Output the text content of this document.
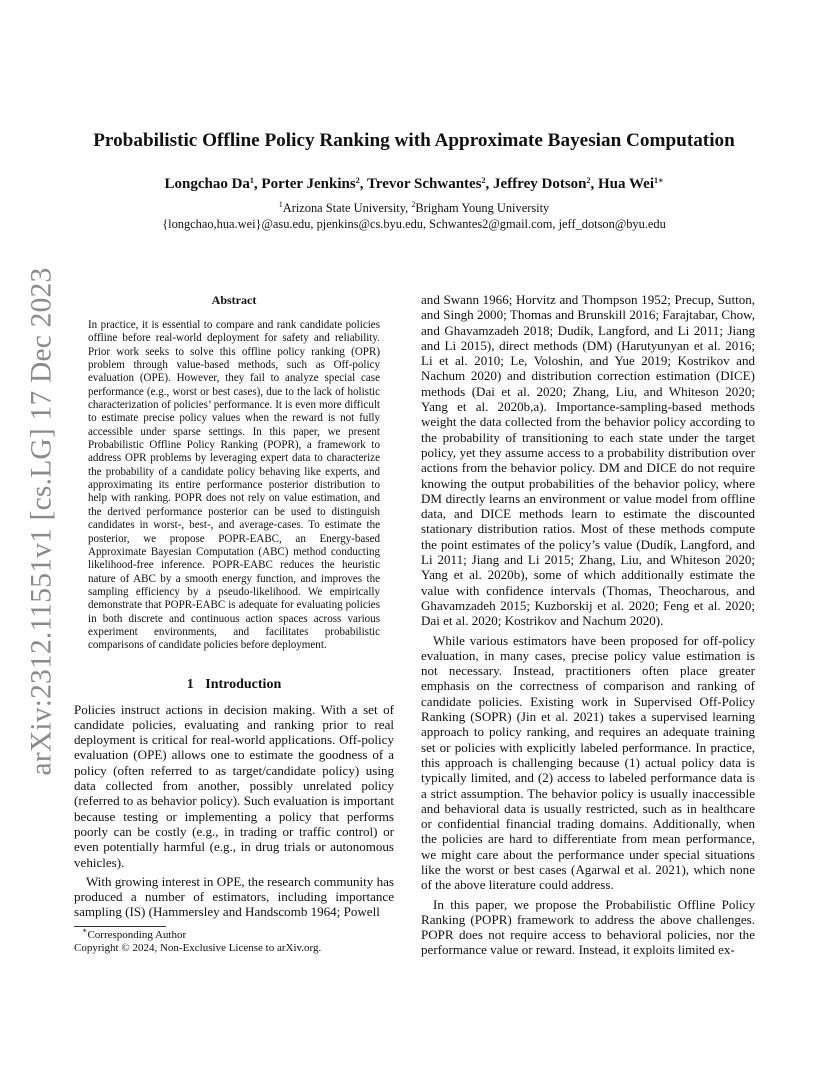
arXiv:2312.11551v1 [cs.LG] 17 Dec 2023
Probabilistic Offline Policy Ranking with Approximate Bayesian Computation
Longchao Da$^1$, Porter Jenkins$^2$, Trevor Schwantes$^2$, Jeffrey Dotson$^2$, Hua Wei$^{1∗}$
$^1$Arizona State University, $^2$Brigham Young University
{longchao,hua.wei}@asu.edu, pjenkins@cs.byu.edu, Schwantes2@gmail.com, jeff_dotson@byu.edu
Abstract

In practice, it is essential to compare and rank candidate policies offline before real-world deployment for safety and reliability. Prior work seeks to solve this offline policy ranking (OPR) problem through value-based methods, such as Off-policy evaluation (OPE). However, they fail to analyze special case performance (e.g., worst or best cases), due to the lack of holistic characterization of policies’ performance. It is even more difficult to estimate precise policy values when the reward is not fully accessible under sparse settings. In this paper, we present Probabilistic Offline Policy Ranking (POPR), a framework to address OPR problems by leveraging expert data to characterize the probability of a candidate policy behaving like experts, and approximating its entire performance posterior distribution to help with ranking. POPR does not rely on value estimation, and the derived performance posterior can be used to distinguish candidates in worst-, best-, and average-cases. To estimate the posterior, we propose POPR-EABC, an Energy-based Approximate Bayesian Computation (ABC) method conducting likelihood-free inference. POPR-EABC reduces the heuristic nature of ABC by a smooth energy function, and improves the sampling efficiency by a pseudo-likelihood. We empirically demonstrate that POPR-EABC is adequate for evaluating policies in both discrete and continuous action spaces across various experiment environments, and facilitates probabilistic comparisons of candidate policies before deployment.

1 Introduction

Policies instruct actions in decision making. With a set of candidate policies, evaluating and ranking prior to real deployment is critical for real-world applications. Off-policy evaluation (OPE) allows one to estimate the goodness of a policy (often referred to as target/candidate policy) using data collected from another, possibly unrelated policy (referred to as behavior policy). Such evaluation is important because testing or implementing a policy that performs poorly can be costly (e.g., in trading or traffic control) or even potentially harmful (e.g., in drug trials or autonomous vehicles).

With growing interest in OPE, the research community has produced a number of estimators, including importance sampling (IS) (Hammersley and Handscomb 1964; Powell

and Swann 1966; Horvitz and Thompson 1952; Precup, Sutton, and Singh 2000; Thomas and Brunskill 2016; Farajtabar, Chow, and Ghavamzadeh 2018; Dudík, Langford, and Li 2011; Jiang and Li 2015), direct methods (DM) (Harutyunyan et al. 2016; Li et al. 2010; Le, Voloshin, and Yue 2019; Kostrikov and Nachum 2020) and distribution correction estimation (DICE) methods (Dai et al. 2020; Zhang, Liu, and Whiteson 2020; Yang et al. 2020b,a). Importance-sampling-based methods weight the data collected from the behavior policy according to the probability of transitioning to each state under the target policy, yet they assume access to a probability distribution over actions from the behavior policy. DM and DICE do not require knowing the output probabilities of the behavior policy, where DM directly learns an environment or value model from offline data, and DICE methods learn to estimate the discounted stationary distribution ratios. Most of these methods compute the point estimates of the policy’s value (Dudík, Langford, and Li 2011; Jiang and Li 2015; Zhang, Liu, and Whiteson 2020; Yang et al. 2020b), some of which additionally estimate the value with confidence intervals (Thomas, Theocharous, and Ghavamzadeh 2015; Kuzborskij et al. 2020; Feng et al. 2020; Dai et al. 2020; Kostrikov and Nachum 2020).

While various estimators have been proposed for off-policy evaluation, in many cases, precise policy value estimation is not necessary. Instead, practitioners often place greater emphasis on the correctness of comparison and ranking of candidate policies. Existing work in Supervised Off-Policy Ranking (SOPR) (Jin et al. 2021) takes a supervised learning approach to policy ranking, and requires an adequate training set or policies with explicitly labeled performance. In practice, this approach is challenging because (1) actual policy data is typically limited, and (2) access to labeled performance data is a strict assumption. The behavior policy is usually inaccessible and behavioral data is usually restricted, such as in healthcare or confidential financial trading domains. Additionally, when the policies are hard to differentiate from mean performance, we might care about the performance under special situations like the worst or best cases (Agarwal et al. 2021), which none of the above literature could address.

In this paper, we propose the Probabilistic Offline Policy Ranking (POPR) framework to address the above challenges. POPR does not require access to behavioral policies, nor the performance value or reward. Instead, it exploits limited ex-

∗Corresponding Author
Copyright © 2024, Non-Exclusive License to arXiv.org.
